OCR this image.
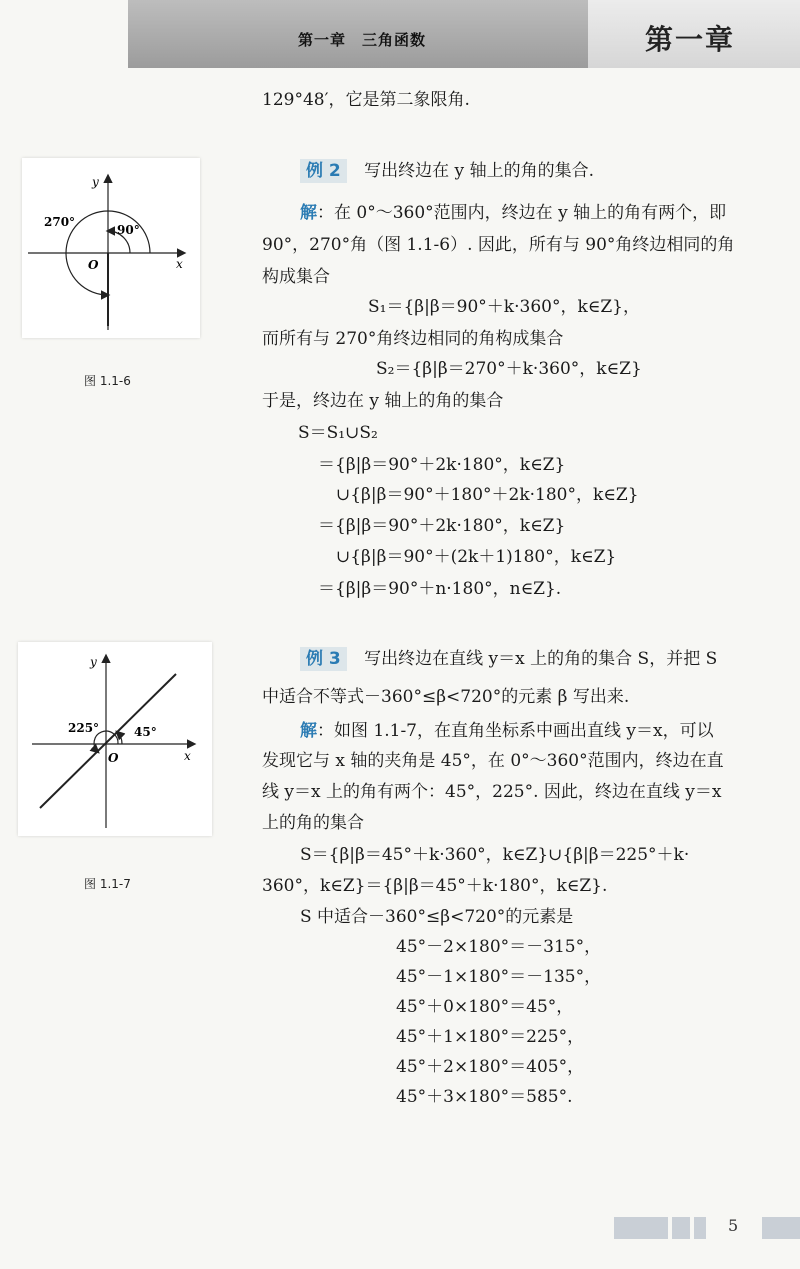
第一章　三角函数	第一章
129°48′，它是第二象限角.
例 2 写出终边在 y 轴上的角的集合.
解：在 0°～360°范围内，终边在 y 轴上的角有两个，即
90°，270°角（图 1.1-6）. 因此，所有与 90°角终边相同的角
构成集合
S₁＝{β|β＝90°＋k·360°，k∈Z}，
而所有与 270°角终边相同的角构成集合
S₂＝{β|β＝270°＋k·360°，k∈Z}
于是，终边在 y 轴上的角的集合
S＝S₁∪S₂
＝{β|β＝90°＋2k·180°，k∈Z}
∪{β|β＝90°＋180°＋2k·180°，k∈Z}
＝{β|β＝90°＋2k·180°，k∈Z}
∪{β|β＝90°＋(2k＋1)180°，k∈Z}
＝{β|β＝90°＋n·180°，n∈Z}.
例 3 写出终边在直线 y＝x 上的角的集合 S，并把 S
中适合不等式－360°≤β<720°的元素 β 写出来.
解：如图 1.1-7，在直角坐标系中画出直线 y＝x，可以
发现它与 x 轴的夹角是 45°，在 0°～360°范围内，终边在直
线 y＝x 上的角有两个：45°，225°. 因此，终边在直线 y＝x
上的角的集合
S＝{β|β＝45°＋k·360°，k∈Z}∪{β|β＝225°＋k·
360°，k∈Z}＝{β|β＝45°＋k·180°，k∈Z}.
S 中适合－360°≤β<720°的元素是
45°－2×180°＝－315°，
45°－1×180°＝－135°，
45°＋0×180°＝45°，
45°＋1×180°＝225°，
45°＋2×180°＝405°，
45°＋3×180°＝585°.
y
x
O
270°
90°
图 1.1-6
y
x
O
225°	45°
图 1.1-7
5
